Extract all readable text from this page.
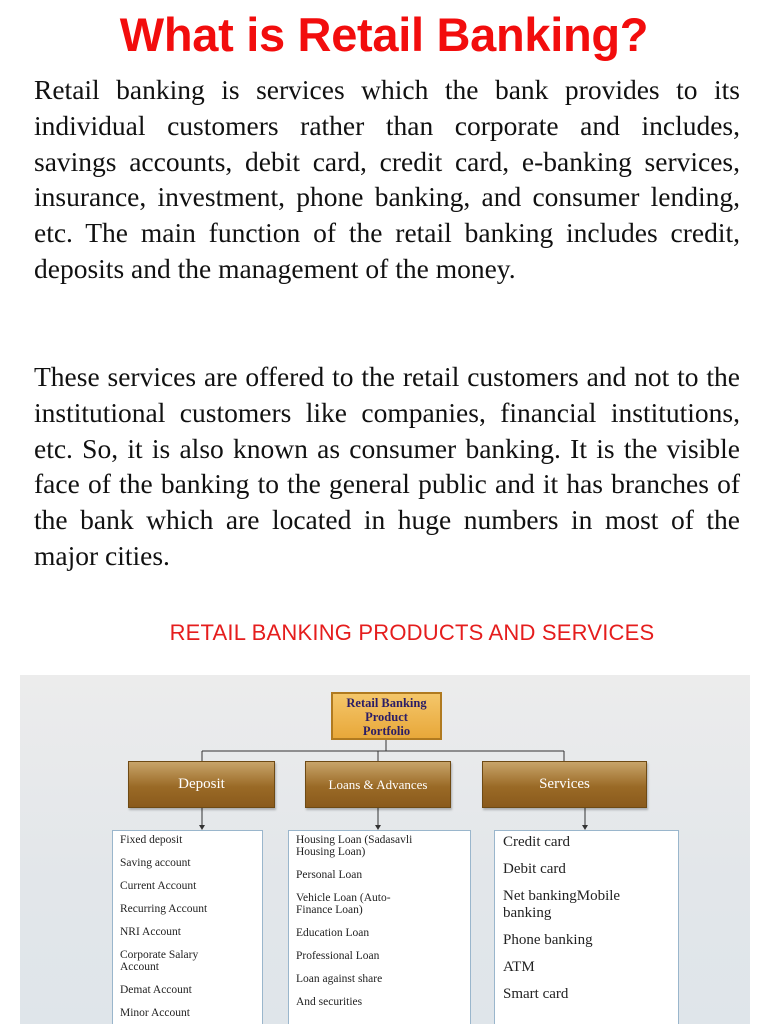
What is Retail Banking?

Retail banking is services which the bank provides to its individual customers rather than corporate and includes, savings accounts, debit card, credit card, e-banking services, insurance, investment, phone banking, and consumer lending, etc. The main function of the retail banking includes credit, deposits and the management of the money.

These services are offered to the retail customers and not to the institutional customers like companies, financial institutions, etc. So, it is also known as consumer banking. It is the visible face of the banking to the general public and it has branches of the bank which are located in huge numbers in most of the major cities.

RETAIL BANKING PRODUCTS AND SERVICES
Retail Banking
Product
Portfolio
Deposit	Loans & Advances	Services
Fixed deposit
Saving account
Current Account
Recurring Account
NRI Account
Corporate Salary
Account
Demat Account
Minor Account
Housing Loan (Sadasavli
Housing Loan)
Personal Loan
Vehicle Loan (Auto-
Finance Loan)
Education Loan
Professional Loan
Loan against share
And securities
Credit card
Debit card
Net bankingMobile
banking
Phone banking
ATM
Smart card
